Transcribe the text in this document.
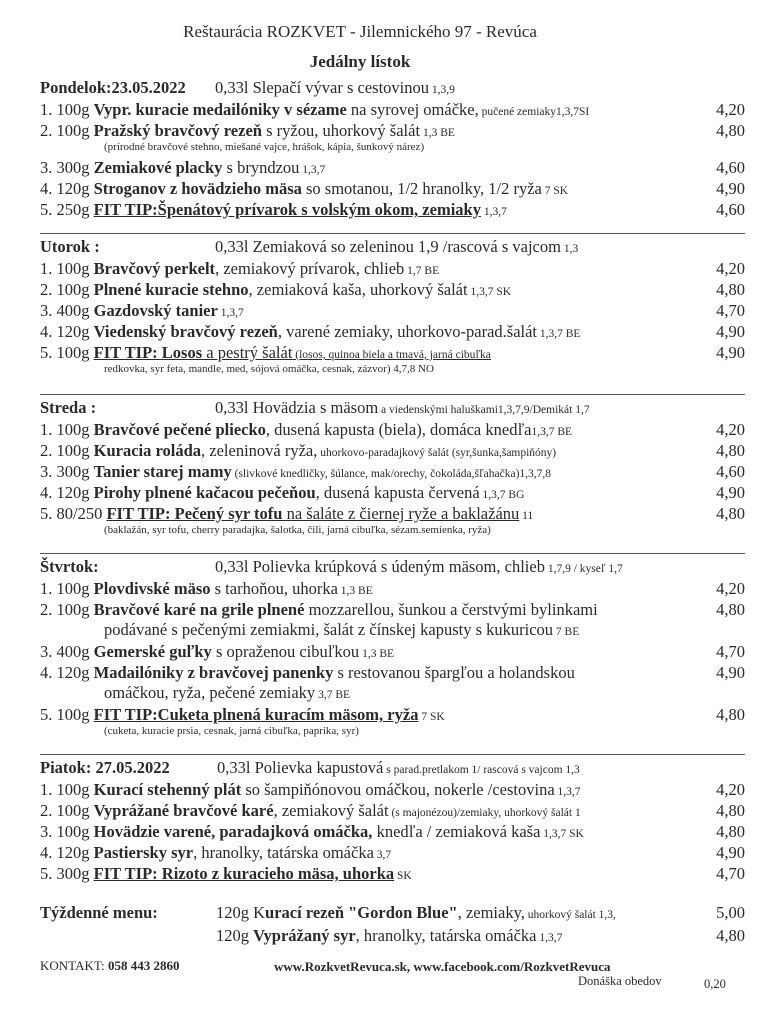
Reštaurácia ROZKVET - Jilemnického 97 - Revúca
Jedálny lístok
Pondelok:23.05.2022 0,33l Slepačí vývar s cestovinou 1,3,9
1. 100g Vypr. kuracie medailóniky v sézame na syrovej omáčke, pučené zemiaky1,3,7SI	4,20
2. 100g Pražský bravčový rezeň s ryžou, uhorkový šalát 1,3 BE	4,80
(prírodné bravčové stehno, miešané vajce, hrášok, kápia, šunkový nárez)
3. 300g Zemiakové placky s bryndzou 1,3,7	4,60
4. 120g Stroganov z hovädzieho mäsa so smotanou, 1/2 hranolky, 1/2 ryža 7 SK	4,90
5. 250g FIT TIP:Špenátový prívarok s volským okom, zemiaky 1,3,7	4,60
Utorok :	0,33l Zemiaková so zeleninou 1,9 /rascová s vajcom 1,3
1. 100g Bravčový perkelt, zemiakový prívarok, chlieb 1,7 BE	4,20
2. 100g Plnené kuracie stehno, zemiaková kaša, uhorkový šalát 1,3,7 SK	4,80
3. 400g Gazdovský tanier 1,3,7	4,70
4. 120g Viedenský bravčový rezeň, varené zemiaky, uhorkovo-parad.šalát 1,3,7 BE	4,90
5. 100g FIT TIP: Losos a pestrý šalát (losos, quinoa biela a tmavá, jarná cibuľka	4,90
redkovka, syr feta, mandle, med, sójová omáčka, cesnak, zázvor) 4,7,8 NO
Streda :	0,33l Hovädzia s mäsom a viedenskými haluškami1,3,7,9/Demikát 1,7
1. 100g Bravčové pečené pliecko, dusená kapusta (biela), domáca knedľa1,3,7 BE	4,20
2. 100g Kuracia roláda, zeleninová ryža, uhorkovo-paradajkový šalát (syr,šunka,šampiňóny)	4,80
3. 300g Tanier starej mamy (slivkové knedličky, šúlance, mak/orechy, čokoláda,šľahačka)1,3,7,8	4,60
4. 120g Pirohy plnené kačacou pečeňou, dusená kapusta červená 1,3,7 BG	4,90
5. 80/250 FIT TIP: Pečený syr tofu na šaláte z čiernej ryže a baklažánu 11	4,80
(baklažán, syr tofu, cherry paradajka, šalotka, čili, jarná cibuľka, sézam.semienka, ryža)
Štvrtok:	0,33l Polievka krúpková s údeným mäsom, chlieb 1,7,9 / kyseľ 1,7
1. 100g Plovdivské mäso s tarhoňou, uhorka 1,3 BE	4,20
2. 100g Bravčové karé na grile plnené mozzarellou, šunkou a čerstvými bylinkami	4,80
podávané s pečenými zemiakmi, šalát z čínskej kapusty s kukuricou 7 BE
3. 400g Gemerské guľky s opraženou cibuľkou 1,3 BE	4,70
4. 120g Madailóniky z bravčovej panenky s restovanou špargľou a holandskou	4,90
omáčkou, ryža, pečené zemiaky 3,7 BE
5. 100g FIT TIP:Cuketa plnená kuracím mäsom, ryža 7 SK	4,80
(cuketa, kuracie prsia, cesnak, jarná cibuľka, paprika, syr)
Piatok: 27.05.2022	0,33l Polievka kapustová s parad.pretlakom 1/ rascová s vajcom 1,3
1. 100g Kurací stehenný plát so šampiňónovou omáčkou, nokerle /cestovina 1,3,7	4,20
2. 100g Vyprážané bravčové karé, zemiakový šalát (s majonézou)/zemiaky, uhorkový šalát 1	4,80
3. 100g Hovädzie varené, paradajková omáčka, knedľa / zemiaková kaša 1,3,7 SK	4,80
4. 120g Pastiersky syr, hranolky, tatárska omáčka 3,7	4,90
5. 300g FIT TIP: Rizoto z kuracieho mäsa, uhorka SK	4,70
Týždenné menu:	120g Kurací rezeň "Gordon Blue", zemiaky, uhorkový šalát 1,3,	5,00
120g Vyprážaný syr, hranolky, tatárska omáčka 1,3,7	4,80
KONTAKT: 058 443 2860	www.RozkvetRevuca.sk, www.facebook.com/RozkvetRevuca
Donáška obedov	0,20
